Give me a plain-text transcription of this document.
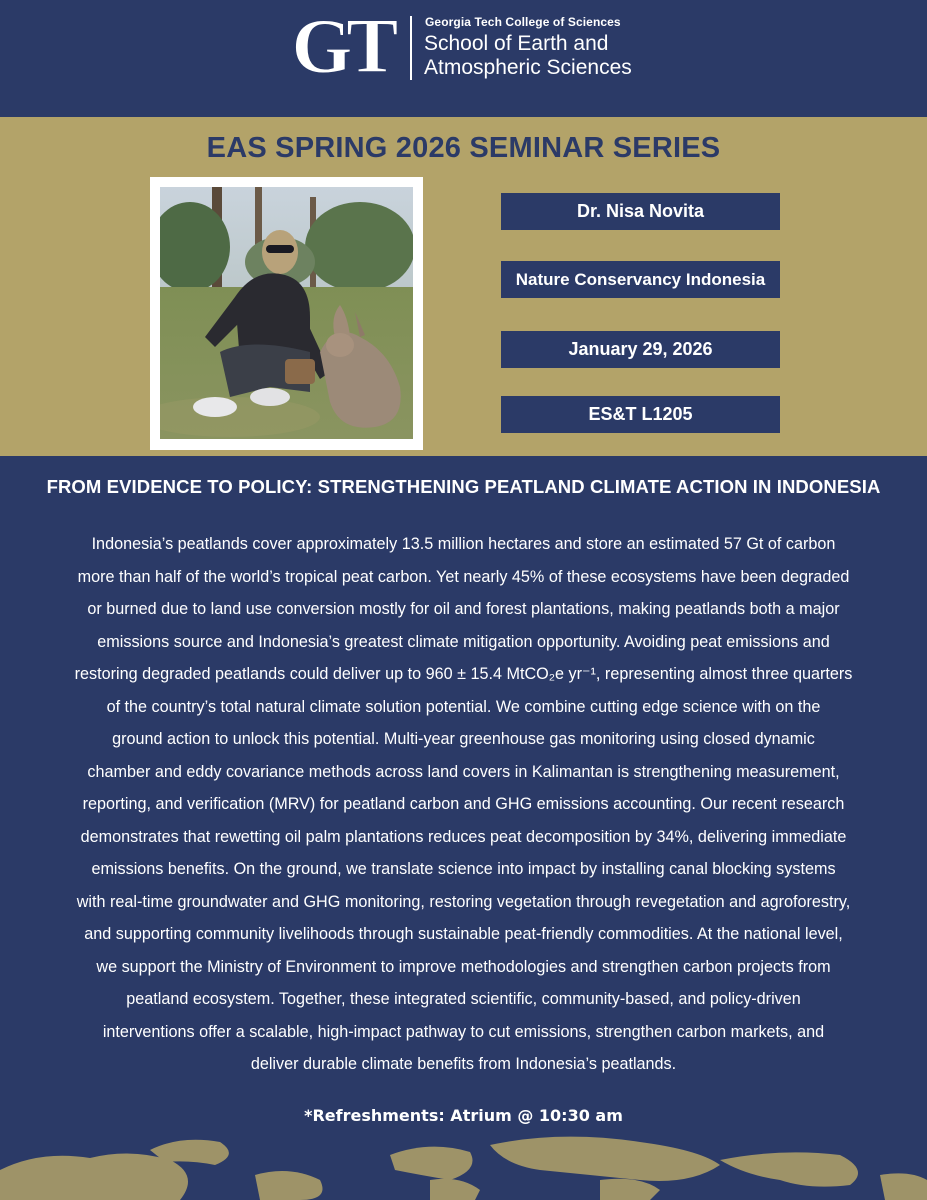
GT	Georgia Tech College of Sciences
School of Earth and
Atmospheric Sciences
EAS SPRING 2026 SEMINAR SERIES
Dr. Nisa Novita
Nature Conservancy Indonesia
January 29, 2026
ES&T L1205
FROM EVIDENCE TO POLICY: STRENGTHENING PEATLAND CLIMATE ACTION IN INDONESIA
Indonesia’s peatlands cover approximately 13.5 million hectares and store an estimated 57 Gt of carbon
more than half of the world’s tropical peat carbon. Yet nearly 45% of these ecosystems have been degraded
or burned due to land use conversion mostly for oil and forest plantations, making peatlands both a major
emissions source and Indonesia’s greatest climate mitigation opportunity. Avoiding peat emissions and
restoring degraded peatlands could deliver up to 960 ± 15.4 MtCO₂e yr⁻¹, representing almost three quarters
of the country’s total natural climate solution potential. We combine cutting edge science with on the
ground action to unlock this potential. Multi-year greenhouse gas monitoring using closed dynamic
chamber and eddy covariance methods across land covers in Kalimantan is strengthening measurement,
reporting, and verification (MRV) for peatland carbon and GHG emissions accounting. Our recent research
demonstrates that rewetting oil palm plantations reduces peat decomposition by 34%, delivering immediate
emissions benefits. On the ground, we translate science into impact by installing canal blocking systems
with real-time groundwater and GHG monitoring, restoring vegetation through revegetation and agroforestry,
and supporting community livelihoods through sustainable peat-friendly commodities. At the national level,
we support the Ministry of Environment to improve methodologies and strengthen carbon projects from
peatland ecosystem. Together, these integrated scientific, community-based, and policy-driven
interventions offer a scalable, high-impact pathway to cut emissions, strengthen carbon markets, and
deliver durable climate benefits from Indonesia’s peatlands.
*Refreshments: Atrium @ 10:30 am
